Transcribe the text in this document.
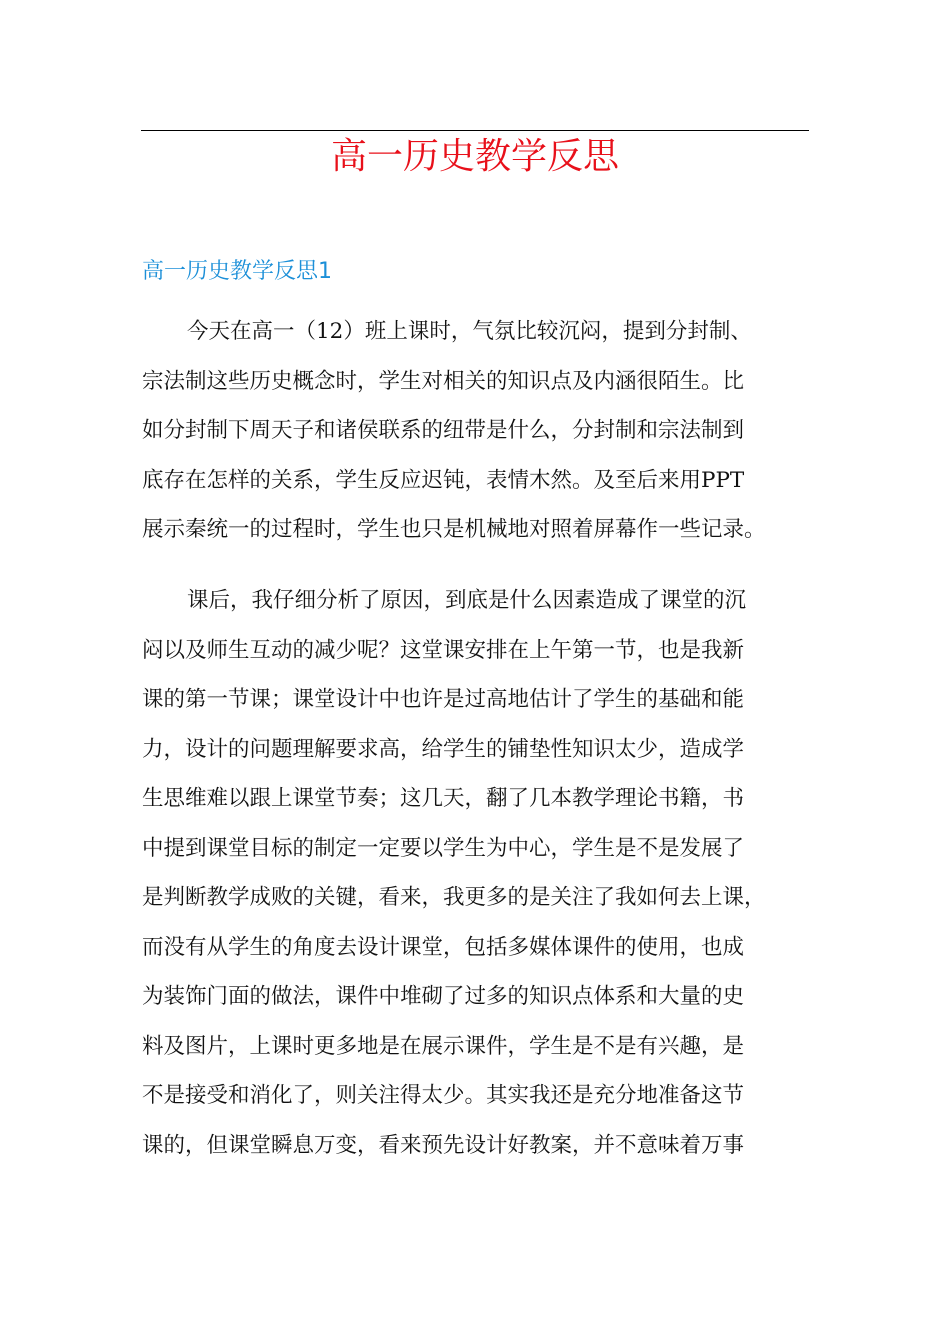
高一历史教学反思
高一历史教学反思1
今天在高一（12）班上课时，气氛比较沉闷，提到分封制、
宗法制这些历史概念时，学生对相关的知识点及内涵很陌生。比
如分封制下周天子和诸侯联系的纽带是什么，分封制和宗法制到
底存在怎样的关系，学生反应迟钝，表情木然。及至后来用PPT
展示秦统一的过程时，学生也只是机械地对照着屏幕作一些记录。
课后，我仔细分析了原因，到底是什么因素造成了课堂的沉
闷以及师生互动的减少呢？这堂课安排在上午第一节，也是我新
课的第一节课；课堂设计中也许是过高地估计了学生的基础和能
力，设计的问题理解要求高，给学生的铺垫性知识太少，造成学
生思维难以跟上课堂节奏；这几天，翻了几本教学理论书籍，书
中提到课堂目标的制定一定要以学生为中心，学生是不是发展了
是判断教学成败的关键，看来，我更多的是关注了我如何去上课，
而没有从学生的角度去设计课堂，包括多媒体课件的使用，也成
为装饰门面的做法，课件中堆砌了过多的知识点体系和大量的史
料及图片，上课时更多地是在展示课件，学生是不是有兴趣，是
不是接受和消化了，则关注得太少。其实我还是充分地准备这节
课的，但课堂瞬息万变，看来预先设计好教案，并不意味着万事
